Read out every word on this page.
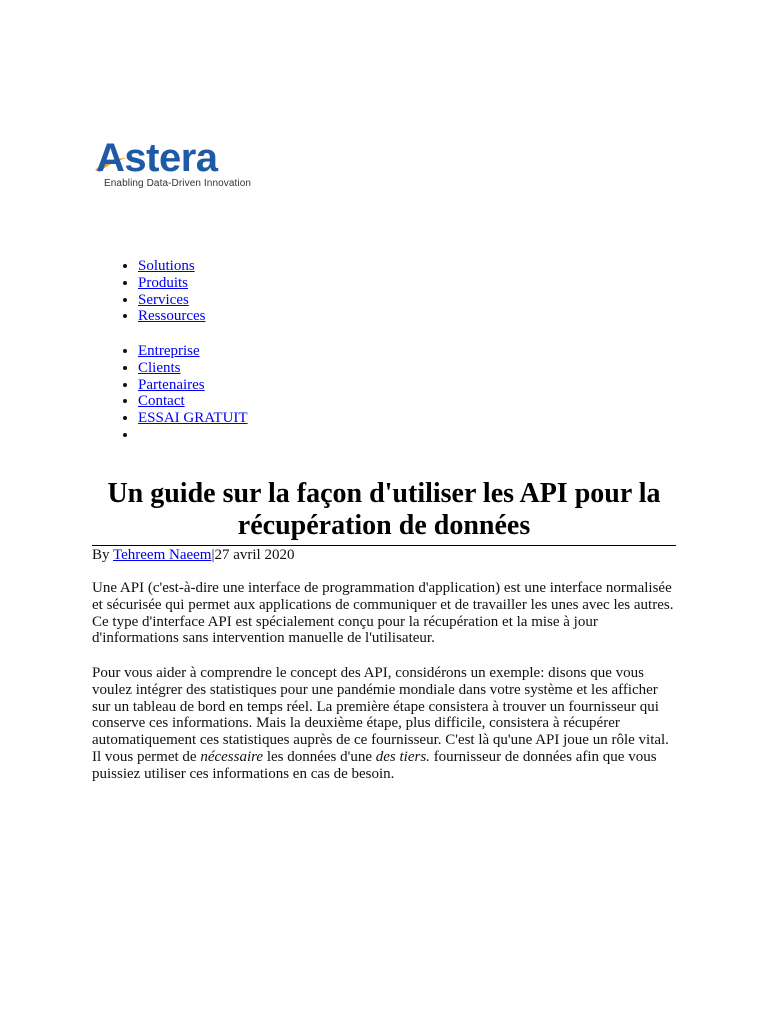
Astera
Enabling Data-Driven Innovation
• Solutions
• Produits
• Services
• Ressources
• Entreprise
• Clients
• Partenaires
• Contact
• ESSAI GRATUIT
•
Un guide sur la façon d'utiliser les API pour la récupération de données
By Tehreem Naeem|27 avril 2020

Une API (c'est-à-dire une interface de programmation d'application) est une interface normalisée et sécurisée qui permet aux applications de communiquer et de travailler les unes avec les autres. Ce type d'interface API est spécialement conçu pour la récupération et la mise à jour d'informations sans intervention manuelle de l'utilisateur.

Pour vous aider à comprendre le concept des API, considérons un exemple: disons que vous voulez intégrer des statistiques pour une pandémie mondiale dans votre système et les afficher sur un tableau de bord en temps réel. La première étape consistera à trouver un fournisseur qui conserve ces informations. Mais la deuxième étape, plus difficile, consistera à récupérer automatiquement ces statistiques auprès de ce fournisseur. C'est là qu'une API joue un rôle vital. Il vous permet de nécessaire les données d'une des tiers. fournisseur de données afin que vous puissiez utiliser ces informations en cas de besoin.
